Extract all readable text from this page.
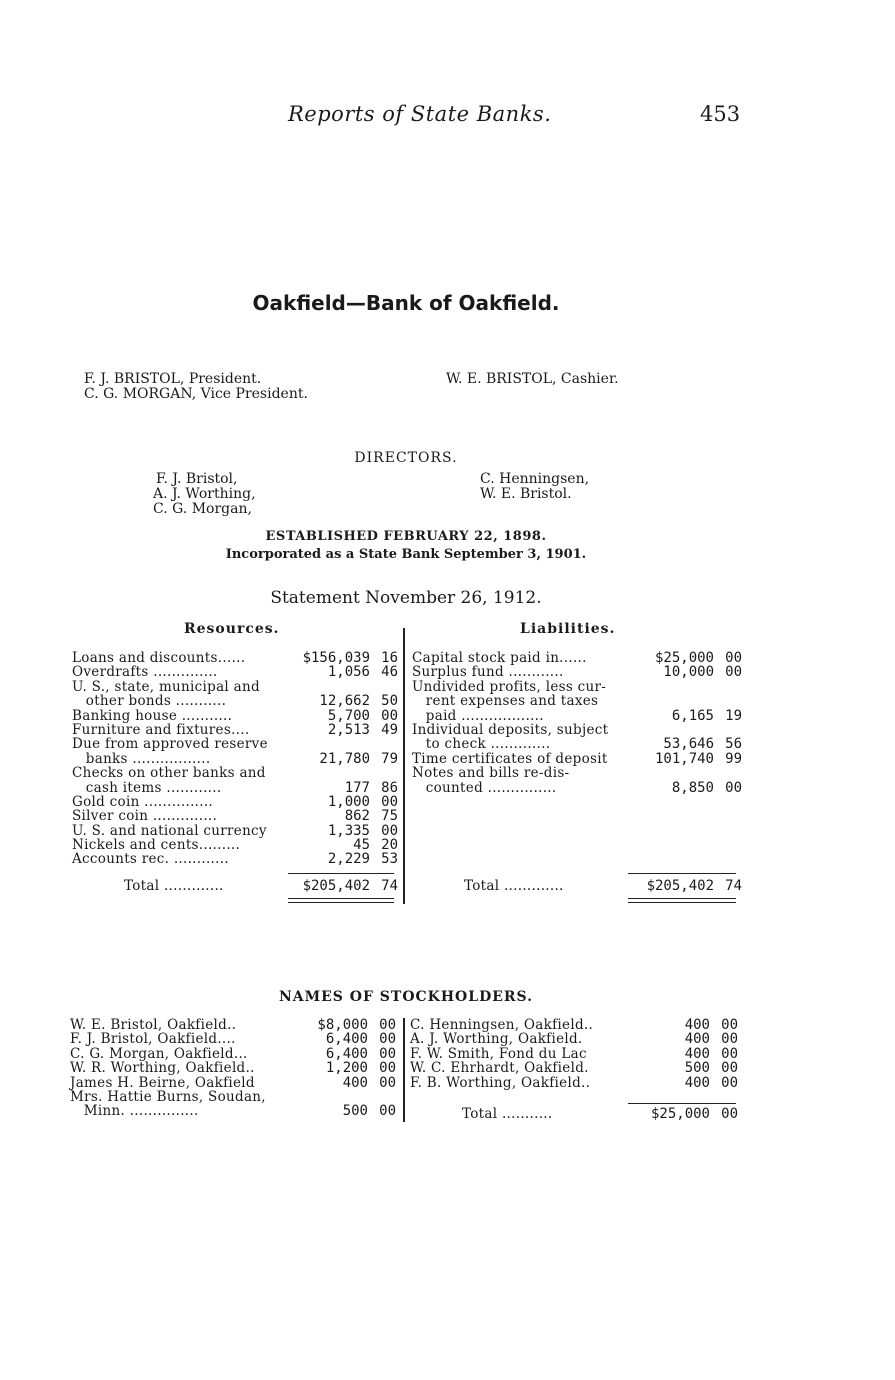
Reports of State Banks.	453
Oakfield—Bank of Oakfield.
F. J. BRISTOL, President.
C. G. MORGAN, Vice President.
W. E. BRISTOL, Cashier.
DIRECTORS.
F. J. Bristol,
A. J. Worthing,
C. G. Morgan,
C. Henningsen,
W. E. Bristol.
ESTABLISHED FEBRUARY 22, 1898.
Incorporated as a State Bank September 3, 1901.
Statement November 26, 1912.
Resources.	Liabilities.
Loans and discounts......	$156,039 16
Overdrafts ..............	1,056 46
U. S., state, municipal and
other bonds ...........	12,662 50
Banking house ...........	5,700 00
Furniture and fixtures....	2,513 49
Due from approved reserve
banks .................	21,780 79
Checks on other banks and
cash items ............	177 86
Gold coin ...............	1,000 00
Silver coin ..............	862 75
U. S. and national currency	1,335 00
Nickels and cents.........	45 20
Accounts rec. ............	2,229 53
Total .............	$205,402 74
Capital stock paid in......	$25,000 00
Surplus fund ............	10,000 00
Undivided profits, less cur-
rent expenses and taxes
paid ..................	6,165 19
Individual deposits, subject
to check .............	53,646 56
Time certificates of deposit	101,740 99
Notes and bills re-dis-
counted ...............	8,850 00
Total .............	$205,402 74
NAMES OF STOCKHOLDERS.
W. E. Bristol, Oakfield..	$8,000 00
F. J. Bristol, Oakfield....	6,400 00
C. G. Morgan, Oakfield...	6,400 00
W. R. Worthing, Oakfield..	1,200 00
James H. Beirne, Oakfield	400 00
Mrs. Hattie Burns, Soudan,
Minn. ...............	500 00
C. Henningsen, Oakfield..	400 00
A. J. Worthing, Oakfield.	400 00
F. W. Smith, Fond du Lac	400 00
W. C. Ehrhardt, Oakfield.	500 00
F. B. Worthing, Oakfield..	400 00
Total ...........	$25,000 00
